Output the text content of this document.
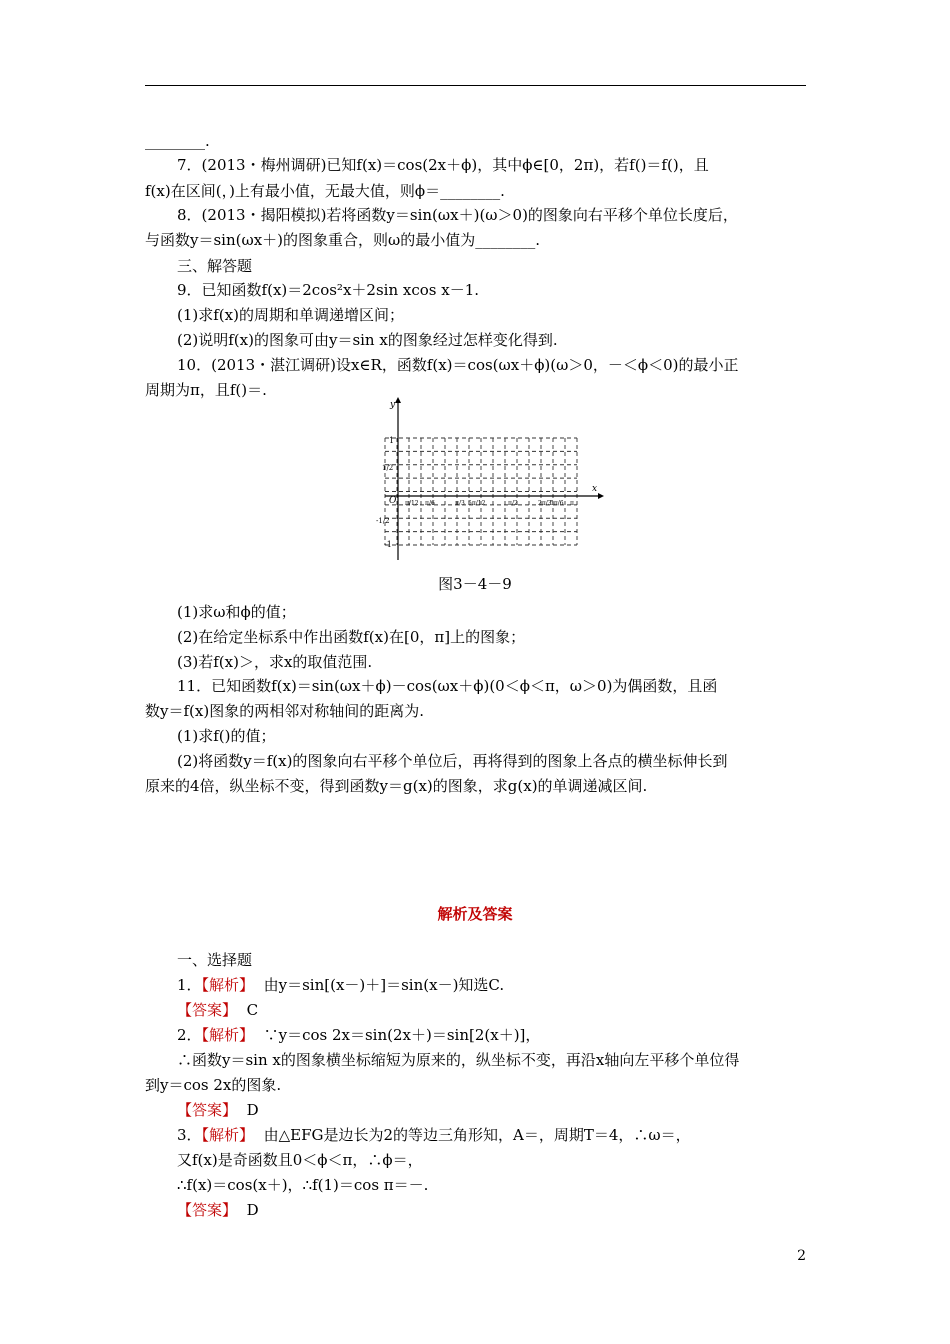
________.
7．(2013・梅州调研)已知f(x)＝cos(2x＋ϕ)，其中ϕ∈[0，2π)，若f()＝f()，且
f(x)在区间(，)上有最小值，无最大值，则ϕ＝________.
8．(2013・揭阳模拟)若将函数y＝sin(ωx＋)(ω＞0)的图象向右平移个单位长度后，
与函数y＝sin(ωx＋)的图象重合，则ω的最小值为________.
三、解答题
9．已知函数f(x)＝2cos²x＋2sin xcos x－1.
(1)求f(x)的周期和单调递增区间；
(2)说明f(x)的图象可由y＝sin x的图象经过怎样变化得到.
10．(2013・湛江调研)设x∈R，函数f(x)＝cos(ωx＋ϕ)(ω＞0，－＜ϕ＜0)的最小正
周期为π，且f()＝.
y
x
O
1
1/2
-1/2
-1
π/12 π/6	π/3 5π/12	π/2	2π/3
5π/6 π
图3－4－9
(1)求ω和ϕ的值；
(2)在给定坐标系中作出函数f(x)在[0，π]上的图象；
(3)若f(x)＞，求x的取值范围.
11．已知函数f(x)＝sin(ωx＋ϕ)－cos(ωx＋ϕ)(0＜ϕ＜π，ω＞0)为偶函数，且函
数y＝f(x)图象的两相邻对称轴间的距离为.
(1)求f()的值；
(2)将函数y＝f(x)的图象向右平移个单位后，再将得到的图象上各点的横坐标伸长到
原来的4倍，纵坐标不变，得到函数y＝g(x)的图象，求g(x)的单调递减区间.
解析及答案
一、选择题
1．【解析】 由y＝sin[(x－)＋]＝sin(x－)知选C.
【答案】 C
2．【解析】 ∵y＝cos 2x＝sin(2x＋)＝sin[2(x＋)]，
∴函数y＝sin x的图象横坐标缩短为原来的，纵坐标不变，再沿x轴向左平移个单位得
到y＝cos 2x的图象.
【答案】 D
3．【解析】 由△EFG是边长为2的等边三角形知，A＝，周期T＝4，∴ω＝，
又f(x)是奇函数且0＜ϕ＜π，∴ϕ＝，
∴f(x)＝cos(x＋)，∴f(1)＝cos π＝－.
【答案】 D
2
